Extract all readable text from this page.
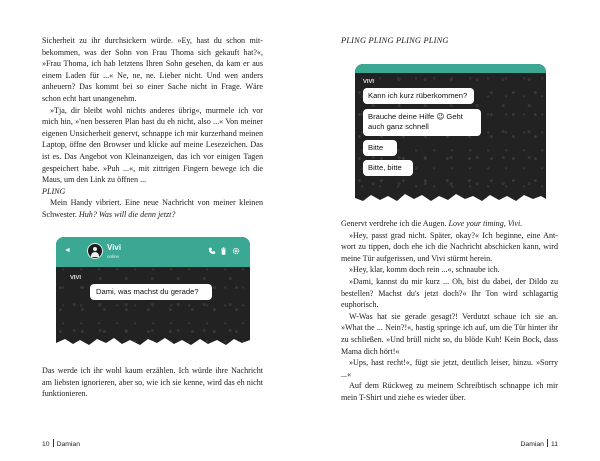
Sicherheit zu ihr durchsickern würde. »Ey, hast du schon mitbekommen, was der Sohn von Frau Thoma sich gekauft hat?«, »Frau Thoma, ich hab letztens Ihren Sohn gesehen, da kam er aus einem Laden für ...« Ne, ne, ne. Lieber nicht. Und wen anders anheuern? Das kommt bei so einer Sache nicht in Frage. Wäre schon echt hart unangenehm.

»Tja, dir bleibt wohl nichts anderes übrig«, murmele ich vor mich hin, »'nen besseren Plan hast du eh nicht, also ...« Von meiner eigenen Unsicherheit genervt, schnappe ich mir kurzerhand meinen Laptop, öffne den Browser und klicke auf meine Lesezeichen. Das ist es. Das Angebot von Kleinanzeigen, das ich vor einigen Tagen gespeichert habe. »Puh ...«, mit zittrigen Fingern bewege ich die Maus, um den Link zu öffnen ...

PLING

Mein Handy vibriert. Eine neue Nachricht von meiner kleinen Schwester. Huh? Was will die denn jetzt?

◄	Vivi
online
VIVI
Dami, was machst du gerade?

Das werde ich ihr wohl kaum erzählen. Ich würde ihre Nachricht am liebsten ignorieren, aber so, wie ich sie kenne, wird das eh nicht funktionieren.

10 Damian
PLING PLING PLING PLING
VIVI
Kann ich kurz rüberkommen?
Brauche deine Hilfe 😉 Geht auch ganz schnell
Bitte
Bitte, bitte

Genervt verdrehe ich die Augen. Love your timing, Vivi.

»Hey, passt grad nicht. Später, okay?« Ich beginne, eine Antwort zu tippen, doch ehe ich die Nachricht abschicken kann, wird meine Tür aufgerissen, und Vivi stürmt herein.

»Hey, klar, komm doch rein ...«, schnaube ich.

»Dami, kannst du mir kurz ... Oh, bist du dabei, der Dildo zu bestellen? Machst du's jetzt doch?« Ihr Ton wird schlagartig euphorisch.

W-Was hat sie gerade gesagt?! Verdutzt schaue ich sie an. »What the ... Nein?!«, hastig springe ich auf, um die Tür hinter ihr zu schließen. »Und brüll nicht so, du blöde Kuh! Kein Bock, dass Mama dich hört!«

»Ups, hast recht!«, fügt sie jetzt, deutlich leiser, hinzu. »Sorry ...«

Auf dem Rückweg zu meinem Schreibtisch schnappe ich mir mein T-Shirt und ziehe es wieder über.

Damian 11
